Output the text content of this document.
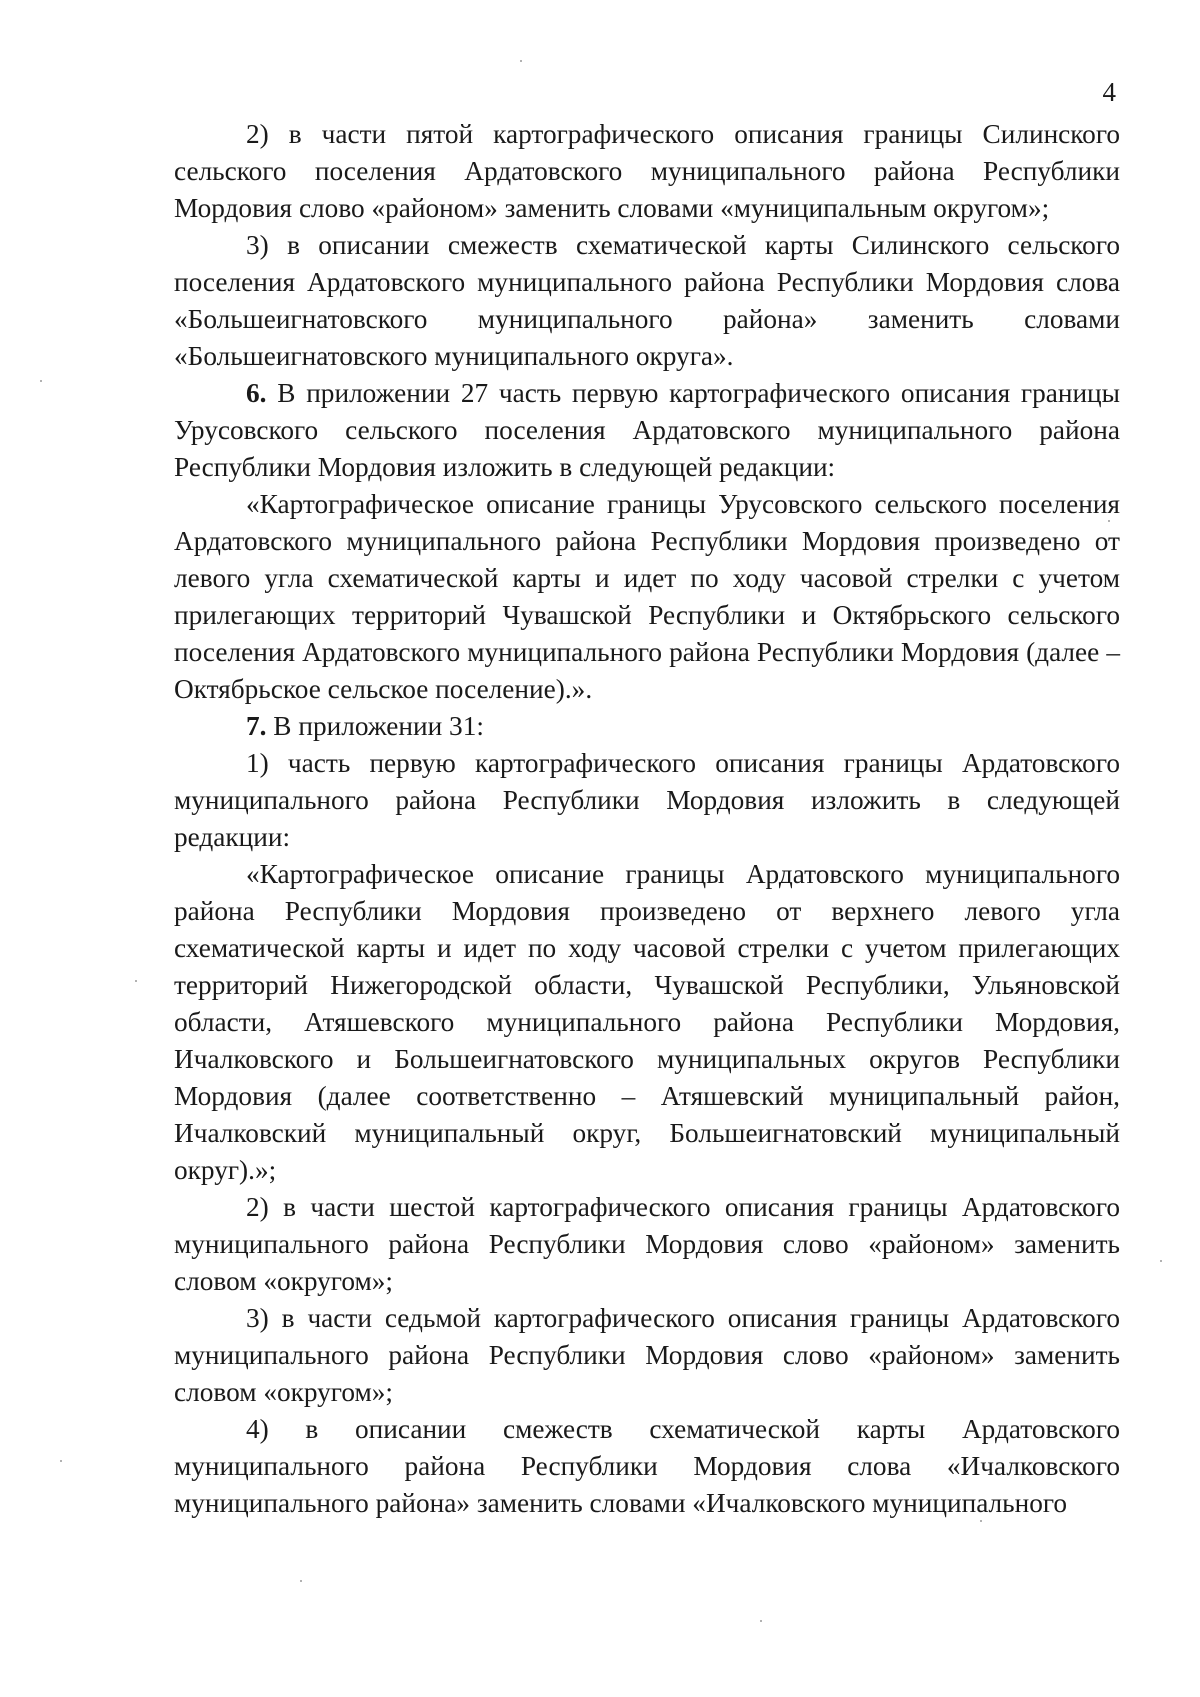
4

2) в части пятой картографического описания границы Силинского сельского поселения Ардатовского муниципального района Республики Мордовия слово «районом» заменить словами «муниципальным округом»;

3) в описании смежеств схематической карты Силинского сельского поселения Ардатовского муниципального района Республики Мордовия слова «Большеигнатовского муниципального района» заменить словами «Большеигнатовского муниципального округа».

6. В приложении 27 часть первую картографического описания границы Урусовского сельского поселения Ардатовского муниципального района Республики Мордовия изложить в следующей редакции:

«Картографическое описание границы Урусовского сельского поселения Ардатовского муниципального района Республики Мордовия произведено от левого угла схематической карты и идет по ходу часовой стрелки с учетом прилегающих территорий Чувашской Республики и Октябрьского сельского поселения Ардатовского муниципального района Республики Мордовия (далее – Октябрьское сельское поселение).».

7. В приложении 31:

1) часть первую картографического описания границы Ардатовского муниципального района Республики Мордовия изложить в следующей редакции:

«Картографическое описание границы Ардатовского муниципального района Республики Мордовия произведено от верхнего левого угла схематической карты и идет по ходу часовой стрелки с учетом прилегающих территорий Нижегородской области, Чувашской Республики, Ульяновской области, Атяшевского муниципального района Республики Мордовия, Ичалковского и Большеигнатовского муниципальных округов Республики Мордовия (далее соответственно – Атяшевский муниципальный район, Ичалковский муниципальный округ, Большеигнатовский муниципальный округ).»;

2) в части шестой картографического описания границы Ардатовского муниципального района Республики Мордовия слово «районом» заменить словом «округом»;

3) в части седьмой картографического описания границы Ардатовского муниципального района Республики Мордовия слово «районом» заменить словом «округом»;

4) в описании смежеств схематической карты Ардатовского муниципального района Республики Мордовия слова «Ичалковского муниципального района» заменить словами «Ичалковского муниципального
